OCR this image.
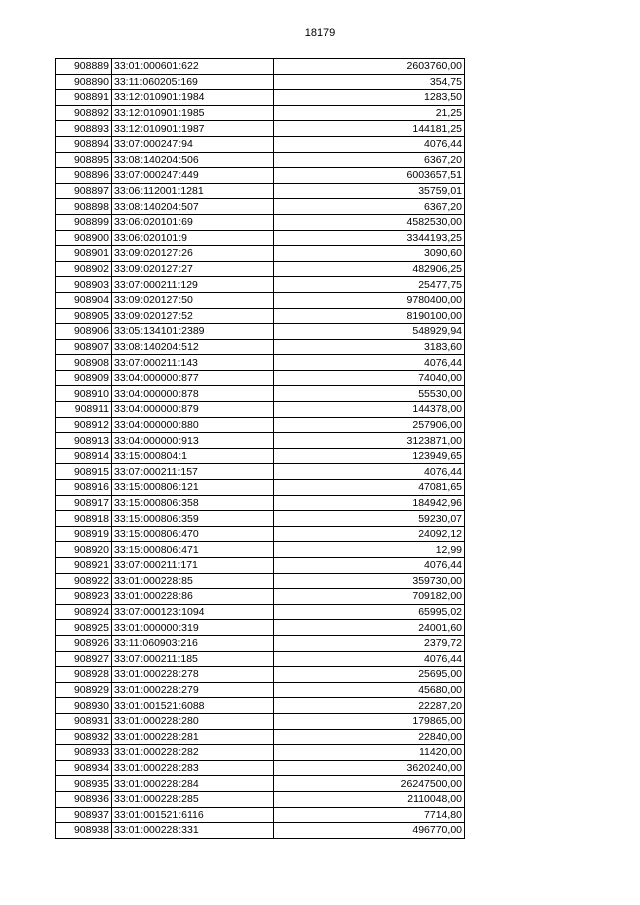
18179
908889	33:01:000601:622	2603760,00
908890	33:11:060205:169	354,75
908891	33:12:010901:1984	1283,50
908892	33:12:010901:1985	21,25
908893	33:12:010901:1987	144181,25
908894	33:07:000247:94	4076,44
908895	33:08:140204:506	6367,20
908896	33:07:000247:449	6003657,51
908897	33:06:112001:1281	35759,01
908898	33:08:140204:507	6367,20
908899	33:06:020101:69	4582530,00
908900	33:06:020101:9	3344193,25
908901	33:09:020127:26	3090,60
908902	33:09:020127:27	482906,25
908903	33:07:000211:129	25477,75
908904	33:09:020127:50	9780400,00
908905	33:09:020127:52	8190100,00
908906	33:05:134101:2389	548929,94
908907	33:08:140204:512	3183,60
908908	33:07:000211:143	4076,44
908909	33:04:000000:877	74040,00
908910	33:04:000000:878	55530,00
908911	33:04:000000:879	144378,00
908912	33:04:000000:880	257906,00
908913	33:04:000000:913	3123871,00
908914	33:15:000804:1	123949,65
908915	33:07:000211:157	4076,44
908916	33:15:000806:121	47081,65
908917	33:15:000806:358	184942,96
908918	33:15:000806:359	59230,07
908919	33:15:000806:470	24092,12
908920	33:15:000806:471	12,99
908921	33:07:000211:171	4076,44
908922	33:01:000228:85	359730,00
908923	33:01:000228:86	709182,00
908924	33:07:000123:1094	65995,02
908925	33:01:000000:319	24001,60
908926	33:11:060903:216	2379,72
908927	33:07:000211:185	4076,44
908928	33:01:000228:278	25695,00
908929	33:01:000228:279	45680,00
908930	33:01:001521:6088	22287,20
908931	33:01:000228:280	179865,00
908932	33:01:000228:281	22840,00
908933	33:01:000228:282	11420,00
908934	33:01:000228:283	3620240,00
908935	33:01:000228:284	26247500,00
908936	33:01:000228:285	2110048,00
908937	33:01:001521:6116	7714,80
908938	33:01:000228:331	496770,00
